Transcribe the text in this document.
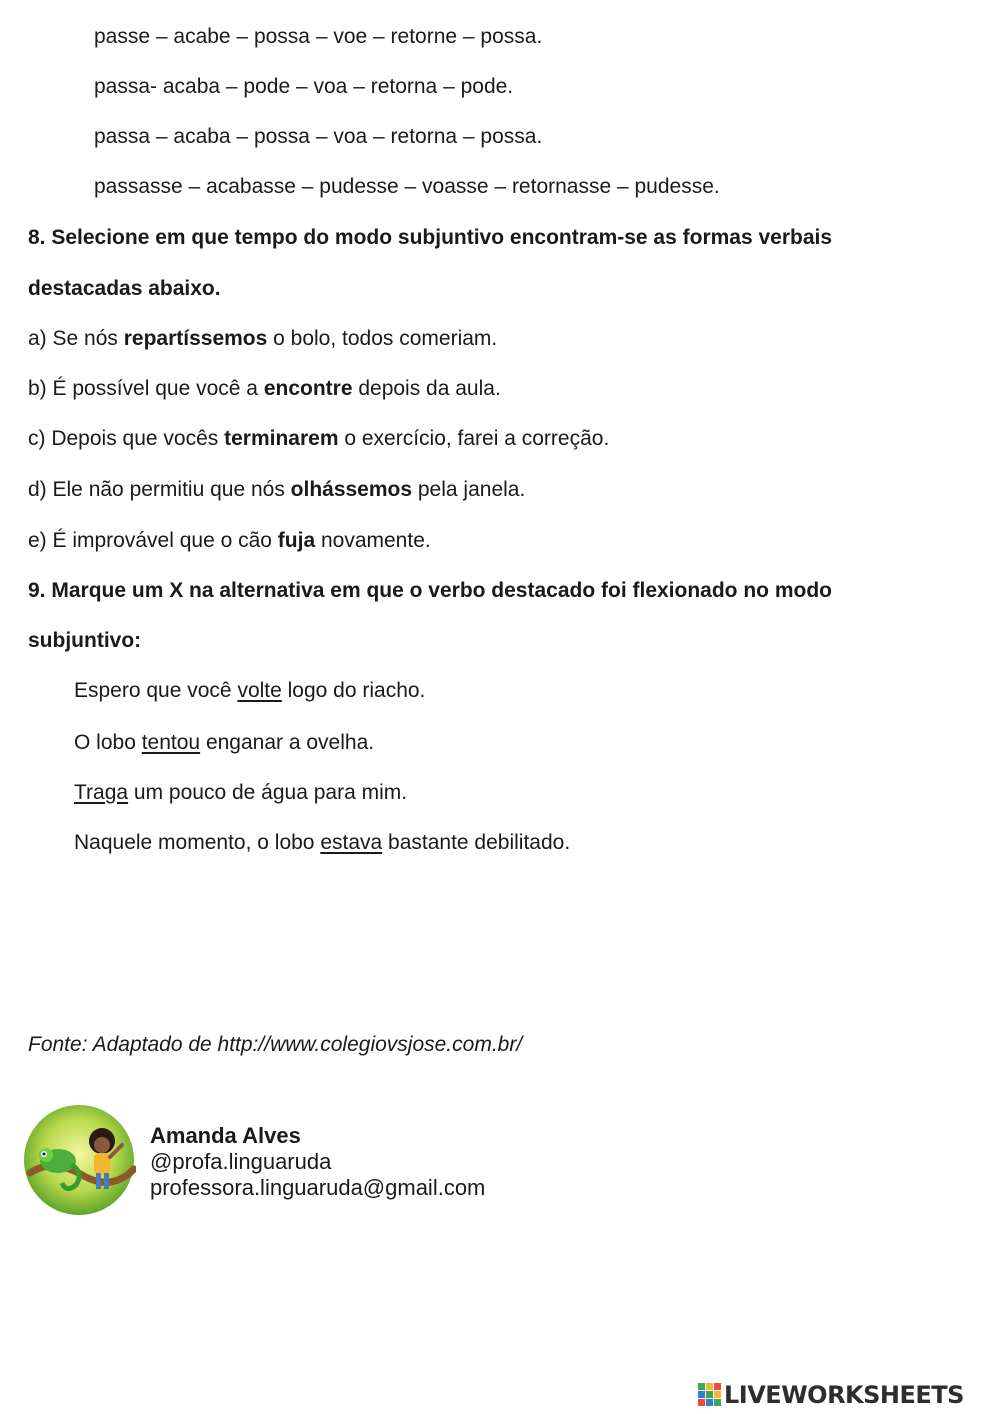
passe – acabe – possa – voe – retorne – possa.
passa- acaba – pode – voa – retorna – pode.
passa – acaba – possa – voa – retorna – possa.
passasse – acabasse – pudesse – voasse – retornasse – pudesse.
8. Selecione em que tempo do modo subjuntivo encontram-se as formas verbais
destacadas abaixo.
a) Se nós repartíssemos o bolo, todos comeriam.
b) É possível que você a encontre depois da aula.
c) Depois que vocês terminarem o exercício, farei a correção.
d) Ele não permitiu que nós olhássemos pela janela.
e) É improvável que o cão fuja novamente.
9. Marque um X na alternativa em que o verbo destacado foi flexionado no modo
subjuntivo:
Espero que você volte logo do riacho.
O lobo tentou enganar a ovelha.
Traga um pouco de água para mim.
Naquele momento, o lobo estava bastante debilitado.
Fonte: Adaptado de http://www.colegiovsjose.com.br/
Amanda Alves
@profa.linguaruda
professora.linguaruda@gmail.com
LIVEWORKSHEETS
